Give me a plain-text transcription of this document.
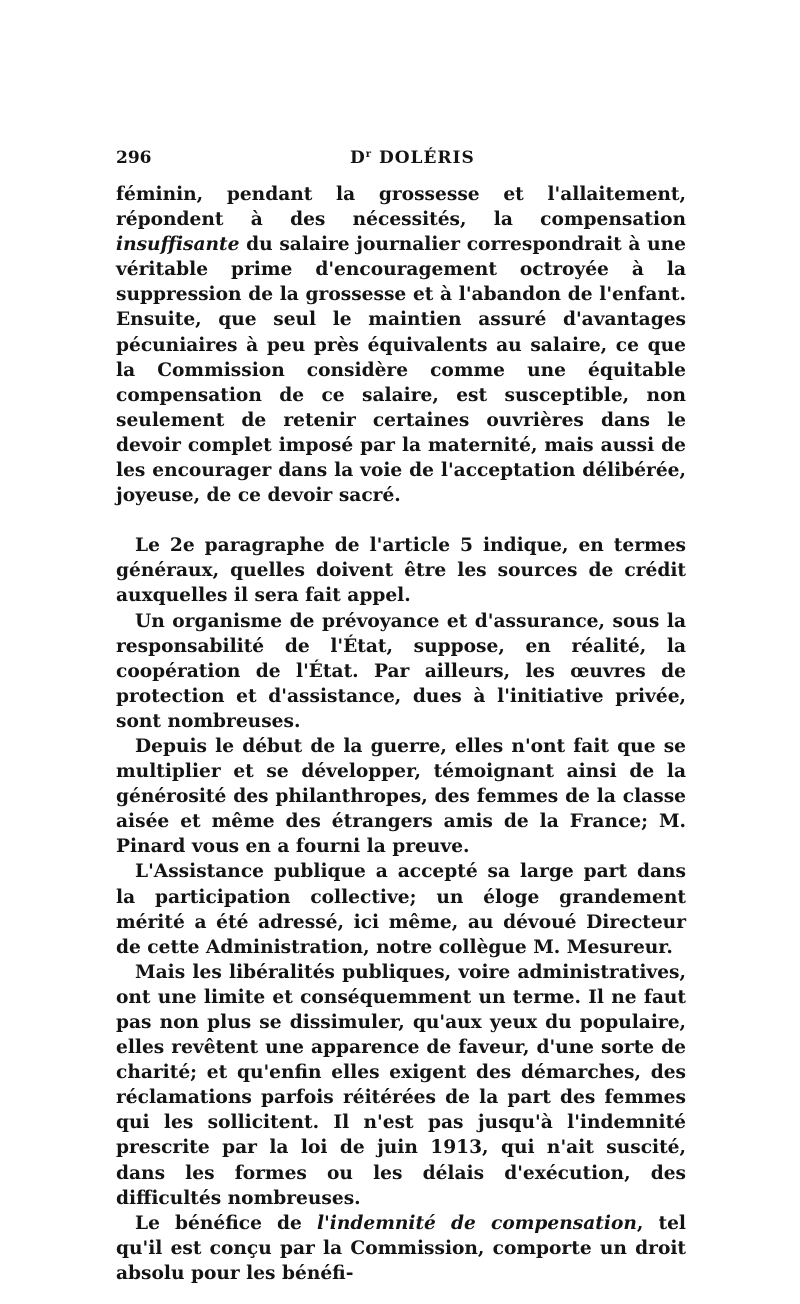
296	$D^r$ DOLÉRIS

féminin, pendant la grossesse et l'allaitement, répondent à des nécessités, la compensation insuffisante du salaire journalier correspondrait à une véritable prime d'encouragement octroyée à la suppression de la grossesse et à l'abandon de l'enfant. Ensuite, que seul le maintien assuré d'avantages pécuniaires à peu près équivalents au salaire, ce que la Commission considère comme une équitable compensation de ce salaire, est susceptible, non seulement de retenir certaines ouvrières dans le devoir complet imposé par la maternité, mais aussi de les encourager dans la voie de l'acceptation délibérée, joyeuse, de ce devoir sacré.

Le 2e paragraphe de l'article 5 indique, en termes généraux, quelles doivent être les sources de crédit auxquelles il sera fait appel.

Un organisme de prévoyance et d'assurance, sous la responsabilité de l'État, suppose, en réalité, la coopération de l'État. Par ailleurs, les œuvres de protection et d'assistance, dues à l'initiative privée, sont nombreuses.

Depuis le début de la guerre, elles n'ont fait que se multiplier et se développer, témoignant ainsi de la générosité des philanthropes, des femmes de la classe aisée et même des étrangers amis de la France; M. Pinard vous en a fourni la preuve.

L'Assistance publique a accepté sa large part dans la participation collective; un éloge grandement mérité a été adressé, ici même, au dévoué Directeur de cette Administration, notre collègue M. Mesureur.

Mais les libéralités publiques, voire administratives, ont une limite et conséquemment un terme. Il ne faut pas non plus se dissimuler, qu'aux yeux du populaire, elles revêtent une apparence de faveur, d'une sorte de charité; et qu'enfin elles exigent des démarches, des réclamations parfois réitérées de la part des femmes qui les sollicitent. Il n'est pas jusqu'à l'indemnité prescrite par la loi de juin 1913, qui n'ait suscité, dans les formes ou les délais d'exécution, des difficultés nombreuses.

Le bénéfice de l'indemnité de compensation, tel qu'il est conçu par la Commission, comporte un droit absolu pour les bénéfi-
